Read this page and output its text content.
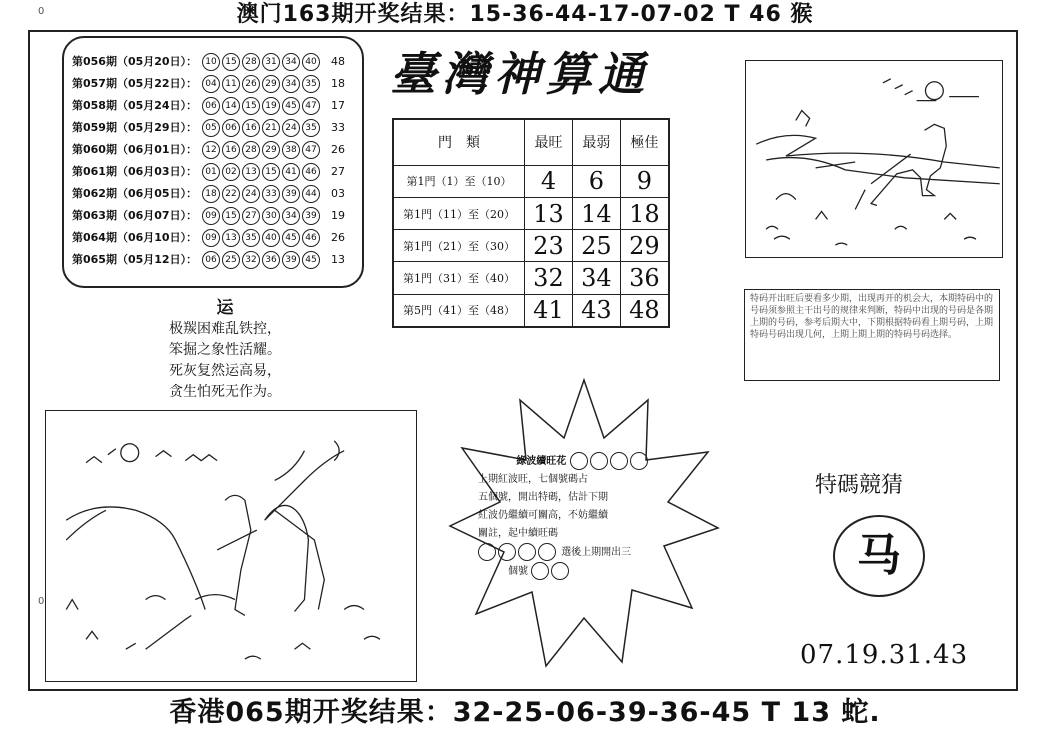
澳门163期开奖结果：15-36-44-17-07-02 T 46 猴
香港065期开奖结果：32-25-06-39-36-45 T 13 蛇.
0
0
第056期（05月20日）： 10 15 28 31 34 40 48
第057期（05月22日）： 04 11 26 29 34 35 18
第058期（05月24日）： 06 14 15 19 45 47 17
第059期（05月29日）： 05 06 16 21 24 35 33
第060期（06月01日）： 12 16 28 29 38 47 26
第061期（06月03日）： 01 02 13 15 41 46 27
第062期（06月05日）： 18 22 24 33 39 44 03
第063期（06月07日）： 09 15 27 30 34 39 19
第064期（06月10日）： 09 13 35 40 45 46 26
第065期（05月12日）： 06 25 32 36 39 45 13
臺灣神算通
門　類	最旺	最弱	極佳
第1門（1）至（10）	4	6	9
第1門（11）至（20）	13	14	18
第1門（21）至（30）	23	25	29
第1門（31）至（40）	32	34	36
第5門（41）至（48）	41	43	48	特码开出旺后要看多少期，出现再开的机会大，本期特码中的号码须参照主干出号的规律来判断，特码中出现的号码是各期上期的号码，参考后期大中，下期根据特码看上期号码，上期特码号码出现几何，上期上期上期的特码号码选择。
运
极羰困难乱铁控，
笨掘之象性活耀。
死灰复然运高易，
贪生怕死无作为。
綠波續旺花
上期紅波旺，七個號碼占
五個號，開出特碼，估計下期
紅波仍繼續可關高，不妨繼續
關註，起中續旺碼
選後上期開出三
個號
特碼競猜
马
07.19.31.43
